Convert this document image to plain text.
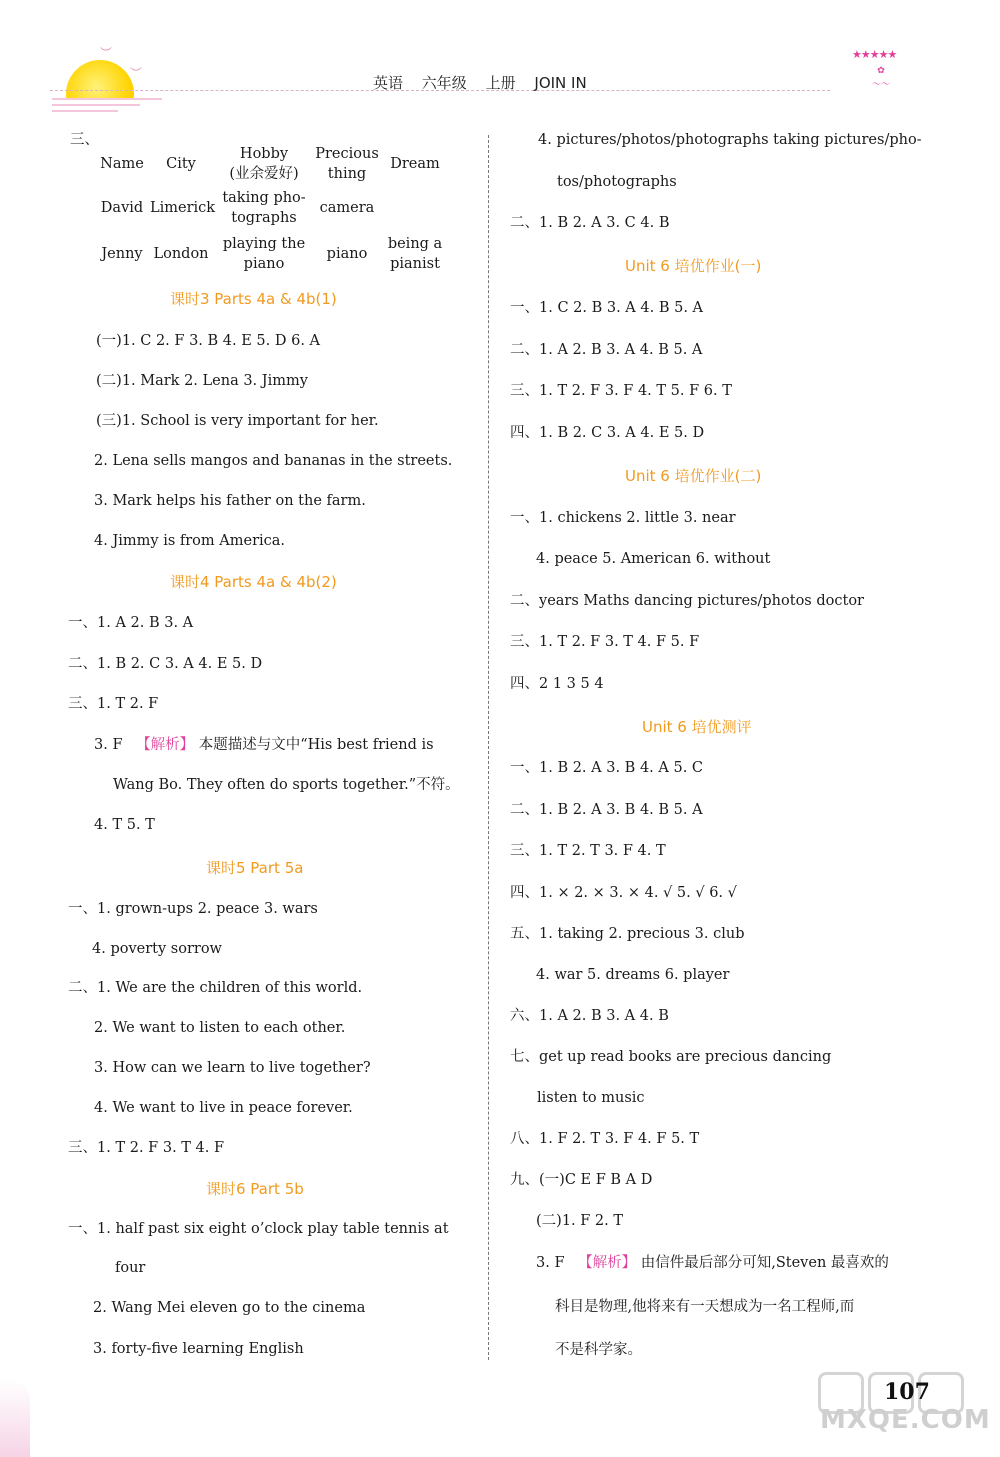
︶
︶
英语 六年级 上册 JOIN IN
★★★★★
✿
〜〜
三、
Name	City
Hobby
(业余爱好)
Precious
thing
Dream
David Limerick
taking pho-
tographs
camera
Jenny London
playing the
piano
piano
being a
pianist
课时3 Parts 4a & 4b(1)
(一)1. C 2. F 3. B 4. E 5. D 6. A
(二)1. Mark 2. Lena 3. Jimmy
(三)1. School is very important for her.
2. Lena sells mangos and bananas in the streets.
3. Mark helps his father on the farm.
4. Jimmy is from America.
课时4 Parts 4a & 4b(2)
一、1. A 2. B 3. A
二、1. B 2. C 3. A 4. E 5. D
三、1. T 2. F
3. F 【解析】 本题描述与文中“His best friend is
Wang Bo. They often do sports together.”不符。
4. T 5. T
课时5 Part 5a
一、1. grown-ups 2. peace 3. wars
4. poverty sorrow
二、1. We are the children of this world.
2. We want to listen to each other.
3. How can we learn to live together?
4. We want to live in peace forever.
三、1. T 2. F 3. T 4. F
课时6 Part 5b
一、1. half past six eight o’clock play table tennis at
four
2. Wang Mei eleven go to the cinema
3. forty-five learning English
4. pictures/photos/photographs taking pictures/pho-
tos/photographs
二、1. B 2. A 3. C 4. B
Unit 6 培优作业(一)
一、1. C 2. B 3. A 4. B 5. A
二、1. A 2. B 3. A 4. B 5. A
三、1. T 2. F 3. F 4. T 5. F 6. T
四、1. B 2. C 3. A 4. E 5. D
Unit 6 培优作业(二)
一、1. chickens 2. little 3. near
4. peace 5. American 6. without
二、years Maths dancing pictures/photos doctor
三、1. T 2. F 3. T 4. F 5. F
四、2 1 3 5 4
Unit 6 培优测评
一、1. B 2. A 3. B 4. A 5. C
二、1. B 2. A 3. B 4. B 5. A
三、1. T 2. T 3. F 4. T
四、1. × 2. × 3. × 4. √ 5. √ 6. √
五、1. taking 2. precious 3. club
4. war 5. dreams 6. player
六、1. A 2. B 3. A 4. B
七、get up read books are precious dancing
listen to music
八、1. F 2. T 3. F 4. F 5. T
九、(一)C E F B A D
(二)1. F 2. T
3. F 【解析】 由信件最后部分可知,Steven 最喜欢的
科目是物理,他将来有一天想成为一名工程师,而
不是科学家。
107
MXQE.COM
